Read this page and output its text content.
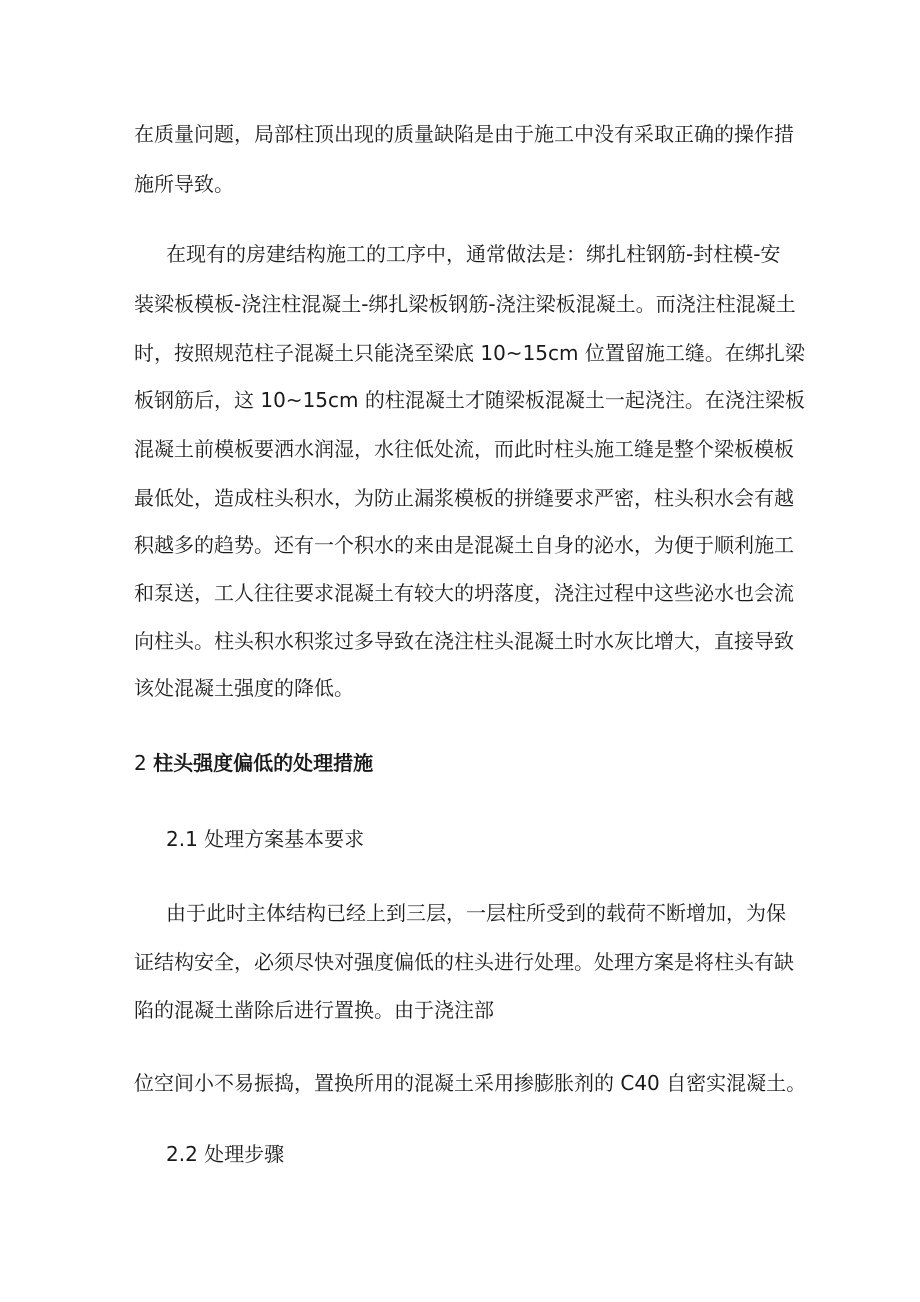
在质量问题，局部柱顶出现的质量缺陷是由于施工中没有采取正确的操作措
施所导致。
在现有的房建结构施工的工序中，通常做法是：绑扎柱钢筋-封柱模-安
装梁板模板-浇注柱混凝土-绑扎梁板钢筋-浇注梁板混凝土。而浇注柱混凝土
时，按照规范柱子混凝土只能浇至梁底 10~15cm 位置留施工缝。在绑扎梁
板钢筋后，这 10~15cm 的柱混凝土才随梁板混凝土一起浇注。在浇注梁板
混凝土前模板要洒水润湿，水往低处流，而此时柱头施工缝是整个梁板模板
最低处，造成柱头积水，为防止漏浆模板的拼缝要求严密，柱头积水会有越
积越多的趋势。还有一个积水的来由是混凝土自身的泌水，为便于顺利施工
和泵送，工人往往要求混凝土有较大的坍落度，浇注过程中这些泌水也会流
向柱头。柱头积水积浆过多导致在浇注柱头混凝土时水灰比增大，直接导致
该处混凝土强度的降低。
2 柱头强度偏低的处理措施
2.1 处理方案基本要求
由于此时主体结构已经上到三层，一层柱所受到的载荷不断增加，为保
证结构安全，必须尽快对强度偏低的柱头进行处理。处理方案是将柱头有缺
陷的混凝土凿除后进行置换。由于浇注部
位空间小不易振捣，置换所用的混凝土采用掺膨胀剂的 C40 自密实混凝土。
2.2 处理步骤
